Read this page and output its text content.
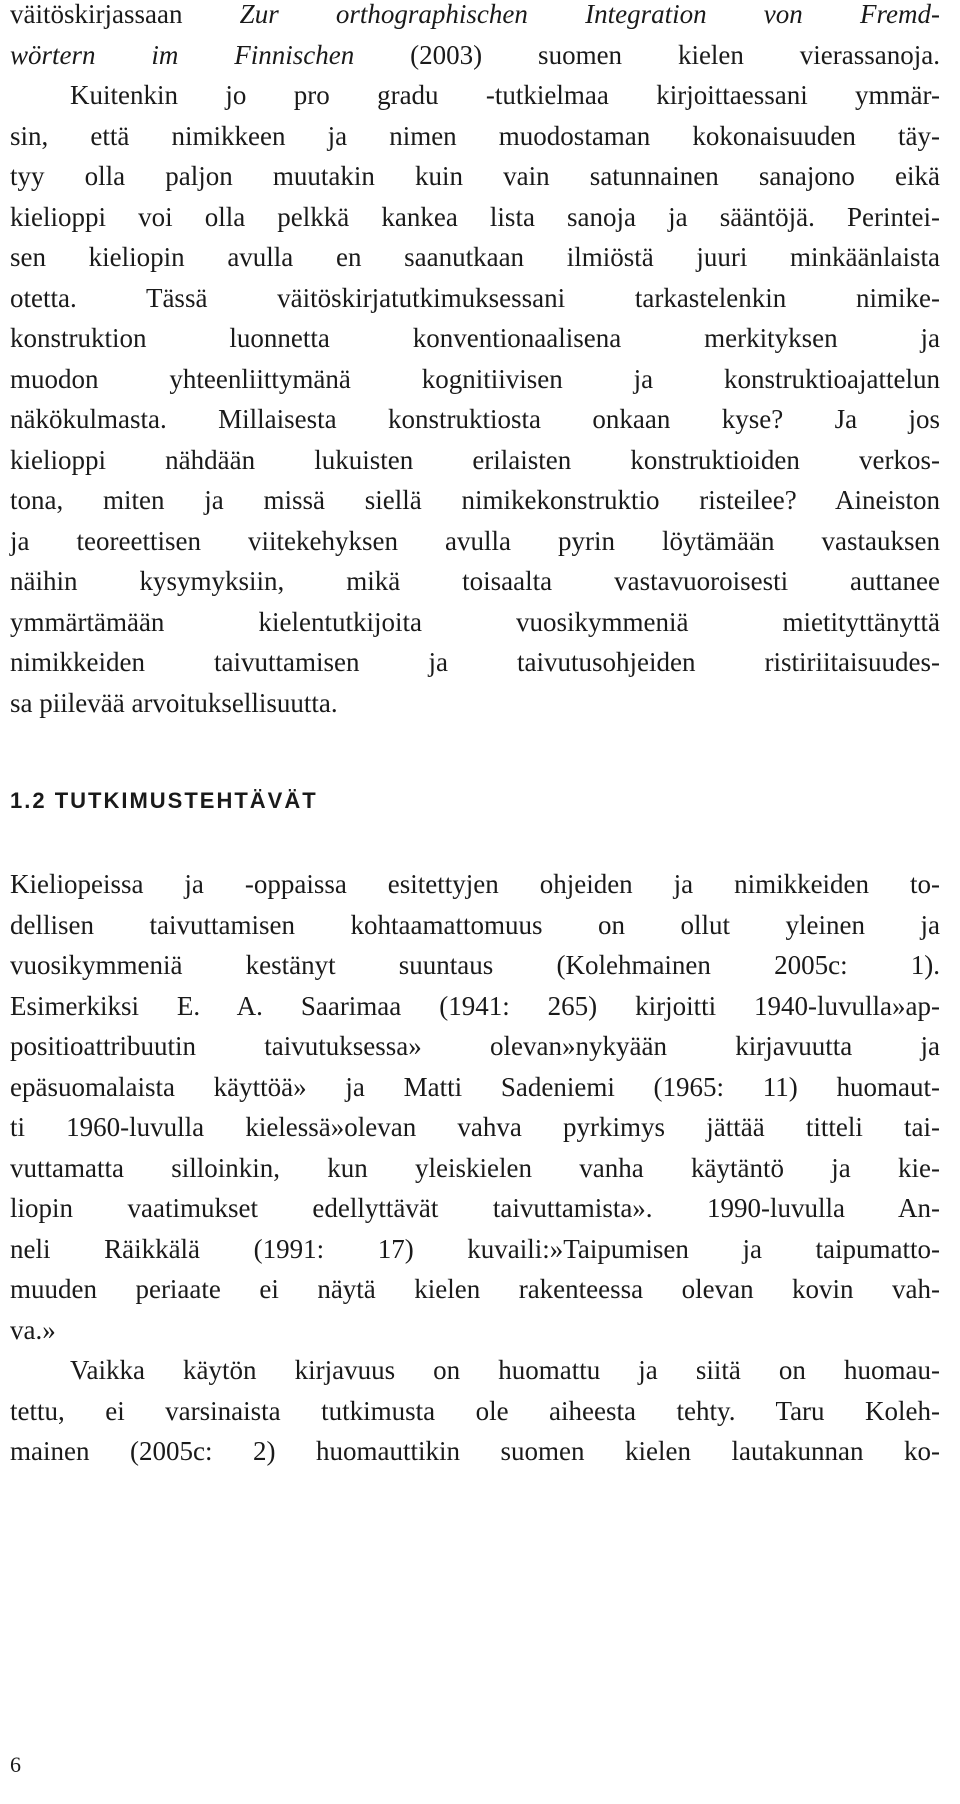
väitöskirjassaan Zur orthographischen Integration von Fremd-
wörtern im Finnischen (2003) suomen kielen vierassanoja.
Kuitenkin jo pro gradu -tutkielmaa kirjoittaessani ymmär-
sin, että nimikkeen ja nimen muodostaman kokonaisuuden täy-
tyy olla paljon muutakin kuin vain satunnainen sanajono eikä
kielioppi voi olla pelkkä kankea lista sanoja ja sääntöjä. Perintei-
sen kieliopin avulla en saanutkaan ilmiöstä juuri minkäänlaista
otetta. Tässä väitöskirjatutkimuksessani tarkastelenkin nimike-
konstruktion luonnetta konventionaalisena merkityksen ja
muodon yhteenliittymänä kognitiivisen ja konstruktioajattelun
näkökulmasta. Millaisesta konstruktiosta onkaan kyse? Ja jos
kielioppi nähdään lukuisten erilaisten konstruktioiden verkos-
tona, miten ja missä siellä nimikekonstruktio risteilee? Aineiston
ja teoreettisen viitekehyksen avulla pyrin löytämään vastauksen
näihin kysymyksiin, mikä toisaalta vastavuoroisesti auttanee
ymmärtämään kielentutkijoita vuosikymmeniä mietityttänyttä
nimikkeiden taivuttamisen ja taivutusohjeiden ristiriitaisuudes-
sa piilevää arvoituksellisuutta.
1.2 TUTKIMUSTEHTÄVÄT
Kieliopeissa ja -oppaissa esitettyjen ohjeiden ja nimikkeiden to-
dellisen taivuttamisen kohtaamattomuus on ollut yleinen ja
vuosikymmeniä kestänyt suuntaus (Kolehmainen 2005c: 1).
Esimerkiksi E. A. Saarimaa (1941: 265) kirjoitti 1940-luvulla»ap-
positioattribuutin taivutuksessa» olevan»nykyään kirjavuutta ja
epäsuomalaista käyttöä» ja Matti Sadeniemi (1965: 11) huomaut-
ti 1960-luvulla kielessä»olevan vahva pyrkimys jättää titteli tai-
vuttamatta silloinkin, kun yleiskielen vanha käytäntö ja kie-
liopin vaatimukset edellyttävät taivuttamista». 1990-luvulla An-
neli Räikkälä (1991: 17) kuvaili:»Taipumisen ja taipumatto-
muuden periaate ei näytä kielen rakenteessa olevan kovin vah-
va.»
Vaikka käytön kirjavuus on huomattu ja siitä on huomau-
tettu, ei varsinaista tutkimusta ole aiheesta tehty. Taru Koleh-
mainen (2005c: 2) huomauttikin suomen kielen lautakunnan ko-
6
